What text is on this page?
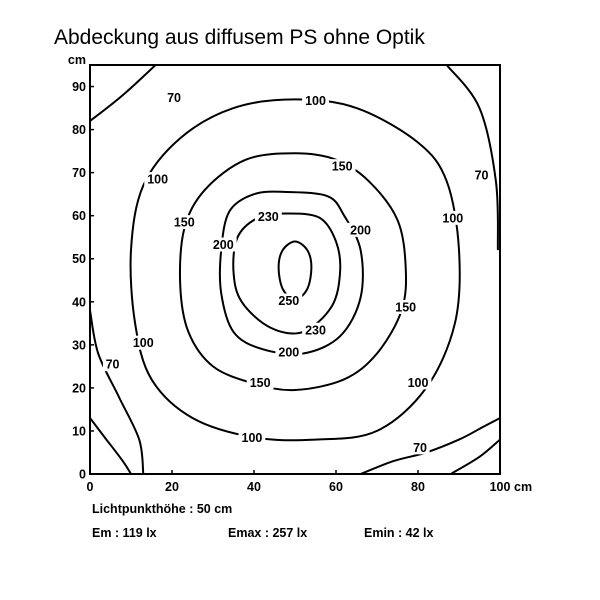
Abdeckung aus diffusem PS ohne Optik
70	100
100
150
70
230
150	100
200
200
250	150
230
100
200
70
150	100
100
70
0	20	40	60	80	100 cm
0
10
20
30
40
50
60
70
80
90
cm
Lichtpunkthöhe : 50 cm
Em : 119 lx	Emax : 257 lx	Emin : 42 lx
